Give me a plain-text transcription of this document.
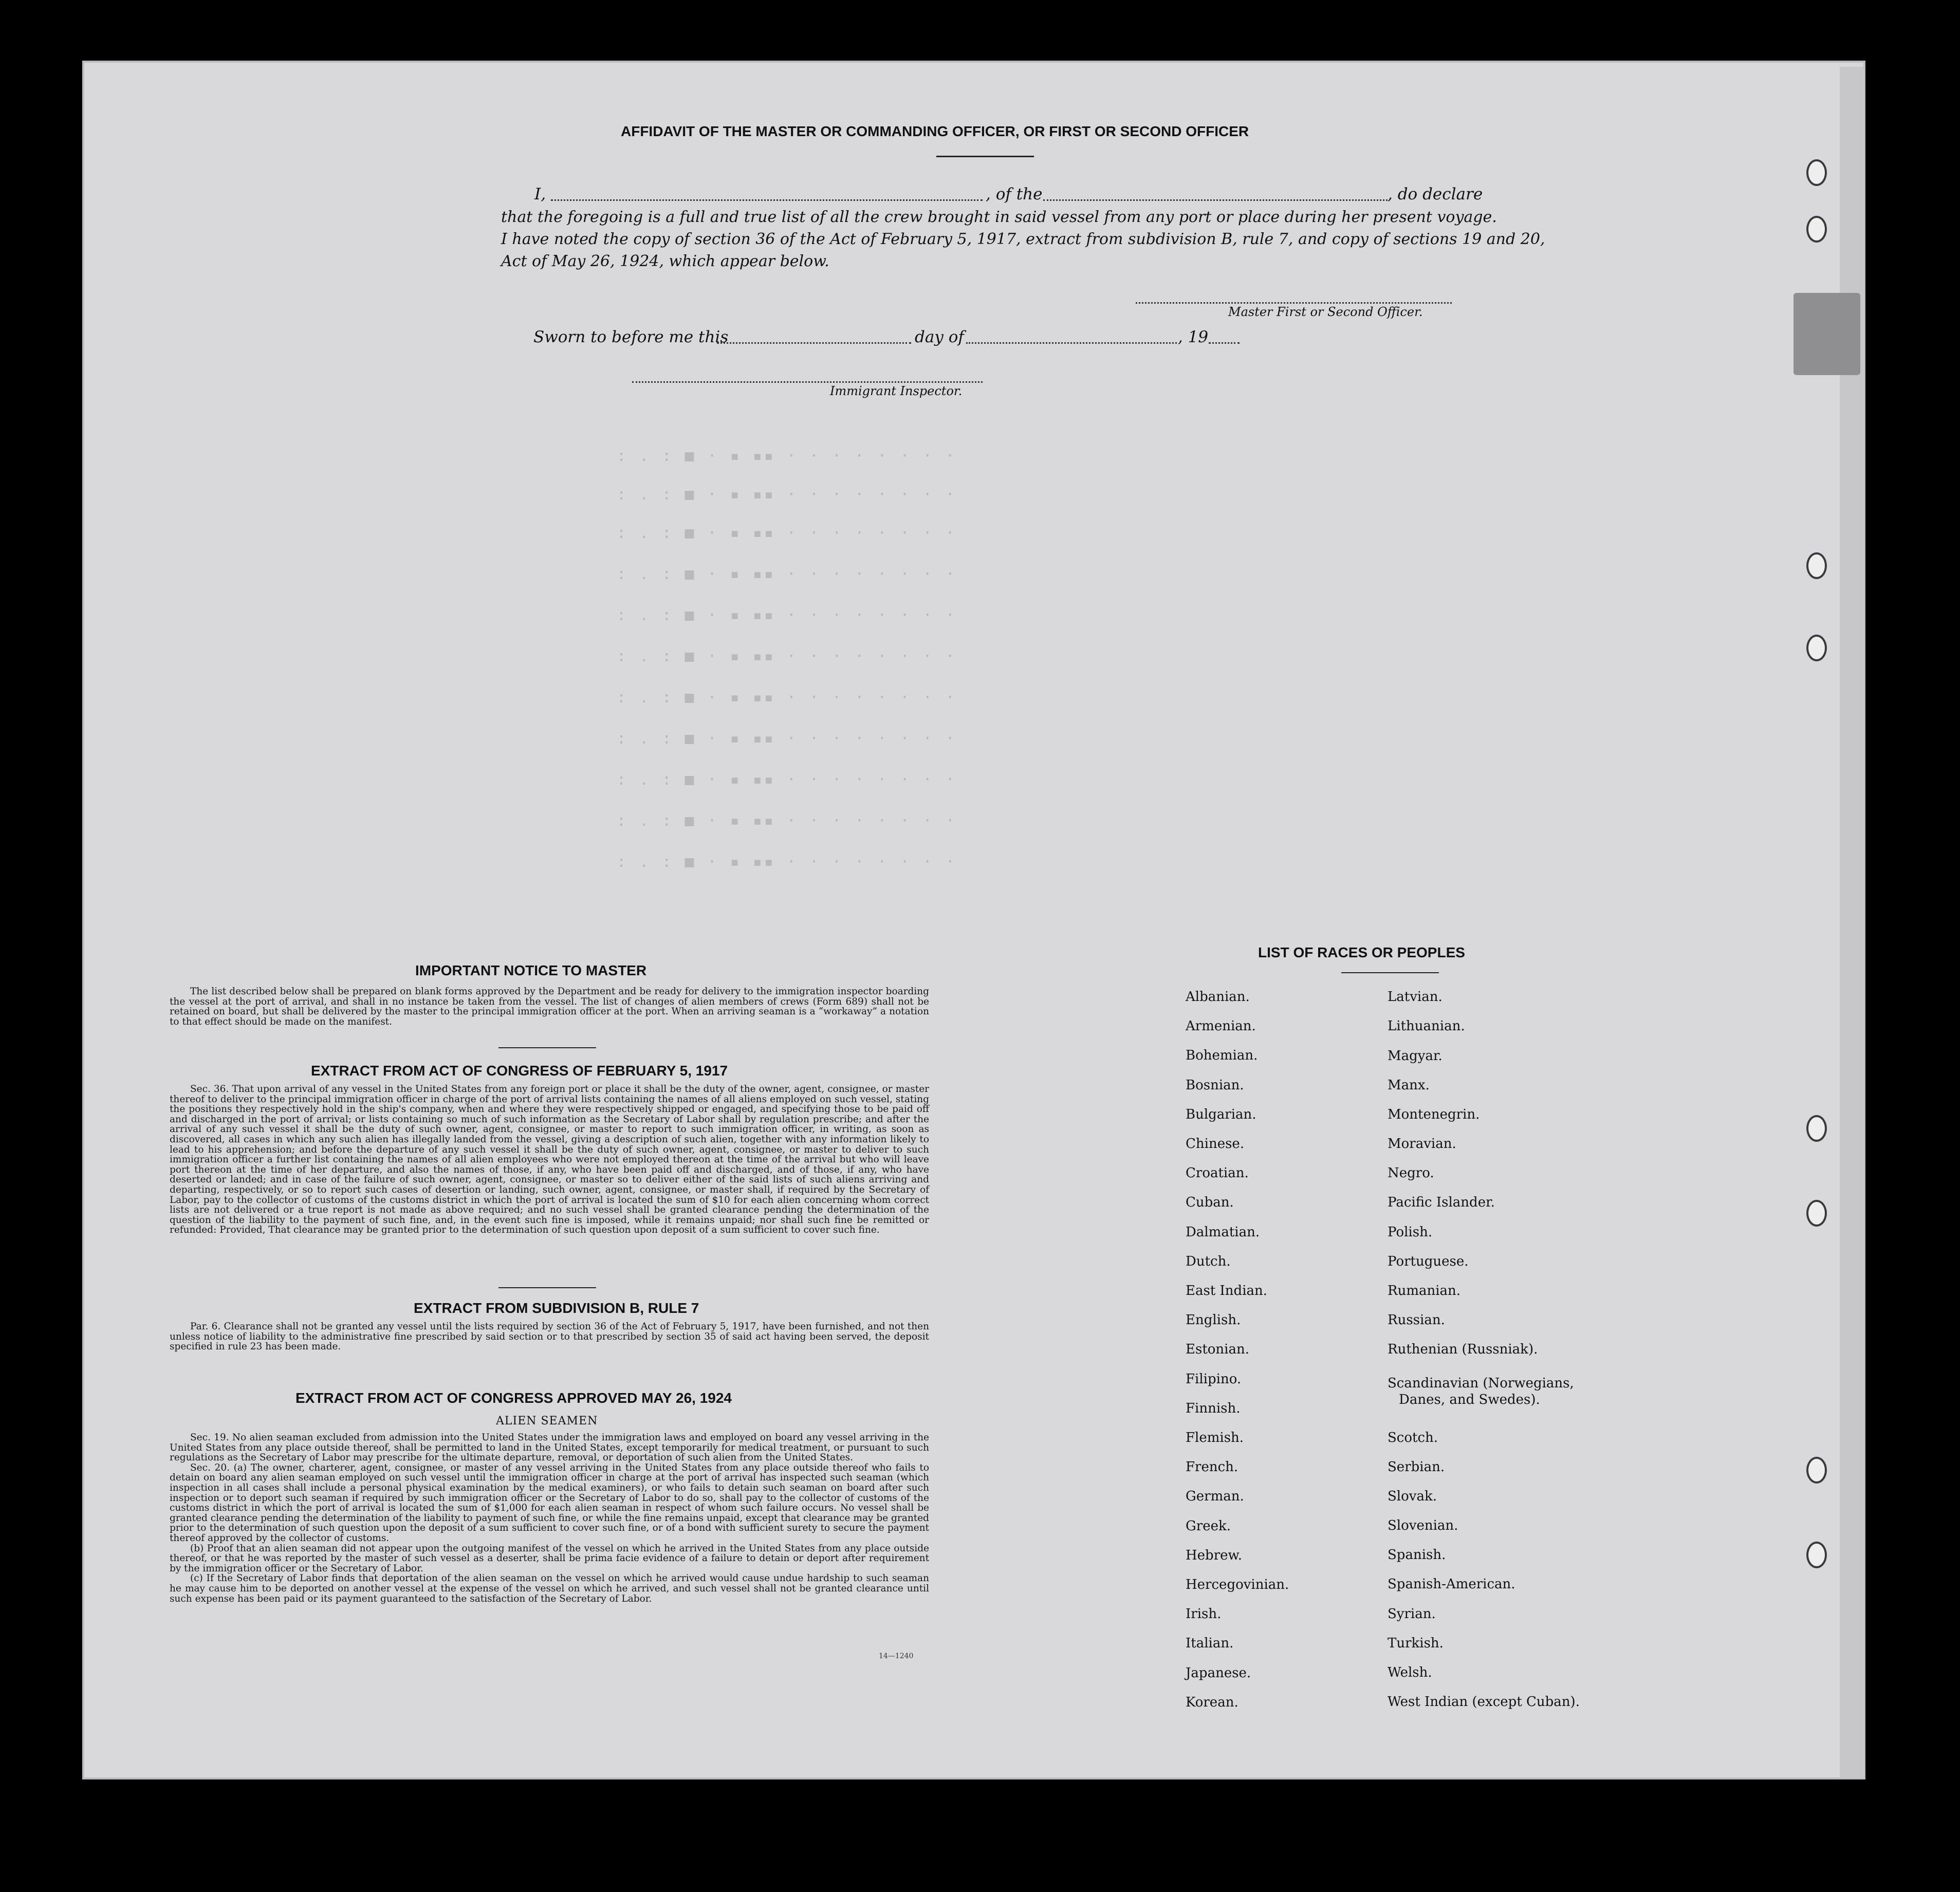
: . : ■ · ▪ ▪▪ · · · · · · · ·
: . : ■ · ▪ ▪▪ · · · · · · · ·
: . : ■ · ▪ ▪▪ · · · · · · · ·
: . : ■ · ▪ ▪▪ · · · · · · · ·
: . : ■ · ▪ ▪▪ · · · · · · · ·
: . : ■ · ▪ ▪▪ · · · · · · · ·
: . : ■ · ▪ ▪▪ · · · · · · · ·
: . : ■ · ▪ ▪▪ · · · · · · · ·
: . : ■ · ▪ ▪▪ · · · · · · · ·
: . : ■ · ▪ ▪▪ · · · · · · · ·
: . : ■ · ▪ ▪▪ · · · · · · · ·
AFFIDAVIT OF THE MASTER OR COMMANDING OFFICER, OR FIRST OR SECOND OFFICER
I,	, of the	, do declare
that the foregoing is a full and true list of all the crew brought in said vessel from any port or place during her present voyage.
I have noted the copy of section 36 of the Act of February 5, 1917, extract from subdivision B, rule 7, and copy of sections 19 and 20,
Act of May 26, 1924, which appear below.
Master First or Second Officer.
Sworn to before me this	day of	, 19
Immigrant Inspector.
IMPORTANT NOTICE TO MASTER

The list described below shall be prepared on blank forms approved by the Department and be ready for delivery to the immigration inspector boarding the vessel at the port of arrival, and shall in no instance be taken from the vessel. The list of changes of alien members of crews (Form 689) shall not be retained on board, but shall be delivered by the master to the principal immigration officer at the port. When an arriving seaman is a “workaway” a notation to that effect should be made on the manifest.

EXTRACT FROM ACT OF CONGRESS OF FEBRUARY 5, 1917

Sec. 36. That upon arrival of any vessel in the United States from any foreign port or place it shall be the duty of the owner, agent, consignee, or master thereof to deliver to the principal immigration officer in charge of the port of arrival lists containing the names of all aliens employed on such vessel, stating the positions they respectively hold in the ship's company, when and where they were respectively shipped or engaged, and specifying those to be paid off and discharged in the port of arrival; or lists containing so much of such information as the Secretary of Labor shall by regulation prescribe; and after the arrival of any such vessel it shall be the duty of such owner, agent, consignee, or master to report to such immigration officer, in writing, as soon as discovered, all cases in which any such alien has illegally landed from the vessel, giving a description of such alien, together with any information likely to lead to his apprehension; and before the departure of any such vessel it shall be the duty of such owner, agent, consignee, or master to deliver to such immigration officer a further list containing the names of all alien employees who were not employed thereon at the time of the arrival but who will leave port thereon at the time of her departure, and also the names of those, if any, who have been paid off and discharged, and of those, if any, who have deserted or landed; and in case of the failure of such owner, agent, consignee, or master so to deliver either of the said lists of such aliens arriving and departing, respectively, or so to report such cases of desertion or landing, such owner, agent, consignee, or master shall, if required by the Secretary of Labor, pay to the collector of customs of the customs district in which the port of arrival is located the sum of $10 for each alien concerning whom correct lists are not delivered or a true report is not made as above required; and no such vessel shall be granted clearance pending the determination of the question of the liability to the payment of such fine, and, in the event such fine is imposed, while it remains unpaid; nor shall such fine be remitted or refunded: Provided, That clearance may be granted prior to the determination of such question upon deposit of a sum sufficient to cover such fine.

EXTRACT FROM SUBDIVISION B, RULE 7

Par. 6. Clearance shall not be granted any vessel until the lists required by section 36 of the Act of February 5, 1917, have been furnished, and not then unless notice of liability to the administrative fine prescribed by said section or to that prescribed by section 35 of said act having been served, the deposit specified in rule 23 has been made.

EXTRACT FROM ACT OF CONGRESS APPROVED MAY 26, 1924
ALIEN SEAMEN

Sec. 19. No alien seaman excluded from admission into the United States under the immigration laws and employed on board any vessel arriving in the United States from any place outside thereof, shall be permitted to land in the United States, except temporarily for medical treatment, or pursuant to such regulations as the Secretary of Labor may prescribe for the ultimate departure, removal, or deportation of such alien from the United States.

Sec. 20. (a) The owner, charterer, agent, consignee, or master of any vessel arriving in the United States from any place outside thereof who fails to detain on board any alien seaman employed on such vessel until the immigration officer in charge at the port of arrival has inspected such seaman (which inspection in all cases shall include a personal physical examination by the medical examiners), or who fails to detain such seaman on board after such inspection or to deport such seaman if required by such immigration officer or the Secretary of Labor to do so, shall pay to the collector of customs of the customs district in which the port of arrival is located the sum of $1,000 for each alien seaman in respect of whom such failure occurs. No vessel shall be granted clearance pending the determination of the liability to payment of such fine, or while the fine remains unpaid, except that clearance may be granted prior to the determination of such question upon the deposit of a sum sufficient to cover such fine, or of a bond with sufficient surety to secure the payment thereof approved by the collector of customs.

(b) Proof that an alien seaman did not appear upon the outgoing manifest of the vessel on which he arrived in the United States from any place outside thereof, or that he was reported by the master of such vessel as a deserter, shall be prima facie evidence of a failure to detain or deport after requirement by the immigration officer or the Secretary of Labor.

(c) If the Secretary of Labor finds that deportation of the alien seaman on the vessel on which he arrived would cause undue hardship to such seaman he may cause him to be deported on another vessel at the expense of the vessel on which he arrived, and such vessel shall not be granted clearance until such expense has been paid or its payment guaranteed to the satisfaction of the Secretary of Labor.

14—1240
LIST OF RACES OR PEOPLES
Albanian.
Armenian.
Bohemian.
Bosnian.
Bulgarian.
Chinese.
Croatian.
Cuban.
Dalmatian.
Dutch.
East Indian.
English.
Estonian.
Filipino.
Finnish.
Flemish.
French.
German.
Greek.
Hebrew.
Hercegovinian.
Irish.
Italian.
Japanese.
Korean.
Latvian.
Lithuanian.
Magyar.
Manx.
Montenegrin.
Moravian.
Negro.
Pacific Islander.
Polish.
Portuguese.
Rumanian.
Russian.
Ruthenian (Russniak).
Scandinavian (Norwegians,
Danes, and Swedes).
Scotch.
Serbian.
Slovak.
Slovenian.
Spanish.
Spanish-American.
Syrian.
Turkish.
Welsh.
West Indian (except Cuban).
